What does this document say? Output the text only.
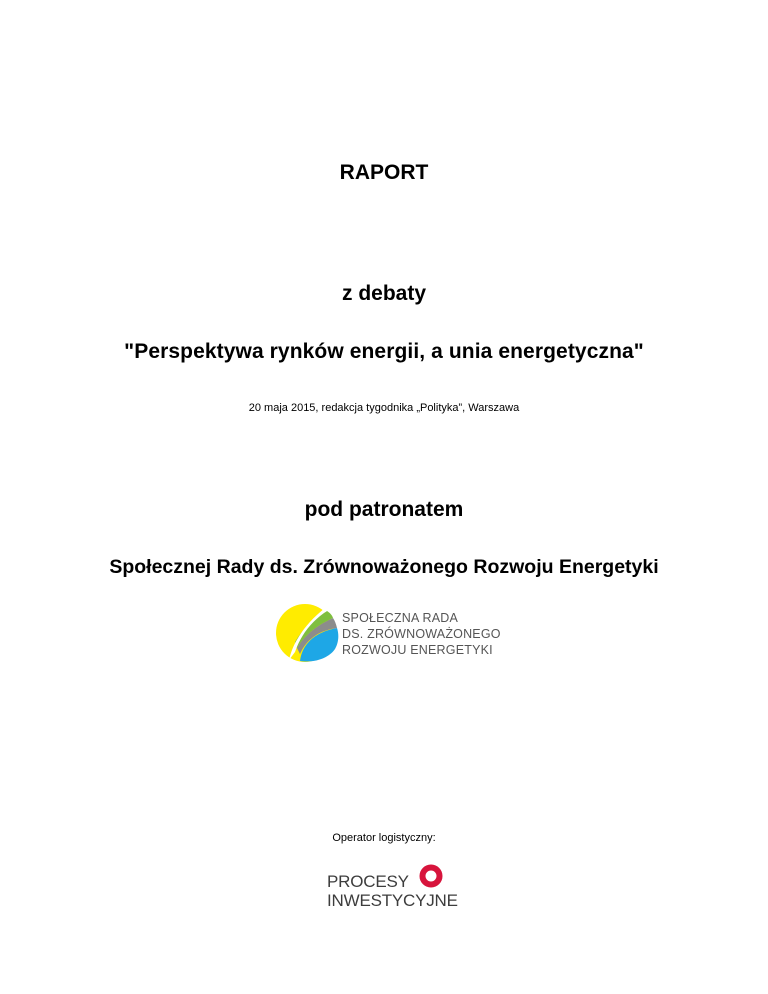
RAPORT
z debaty
"Perspektywa rynków energii, a unia energetyczna"
20 maja 2015, redakcja tygodnika „Polityka”, Warszawa
pod patronatem
Społecznej Rady ds. Zrównoważonego Rozwoju Energetyki
SPOŁECZNA RADA
DS. ZRÓWNOWAŻONEGO
ROZWOJU ENERGETYKI
Operator logistyczny:
PROCESY
INWESTYCYJNE
